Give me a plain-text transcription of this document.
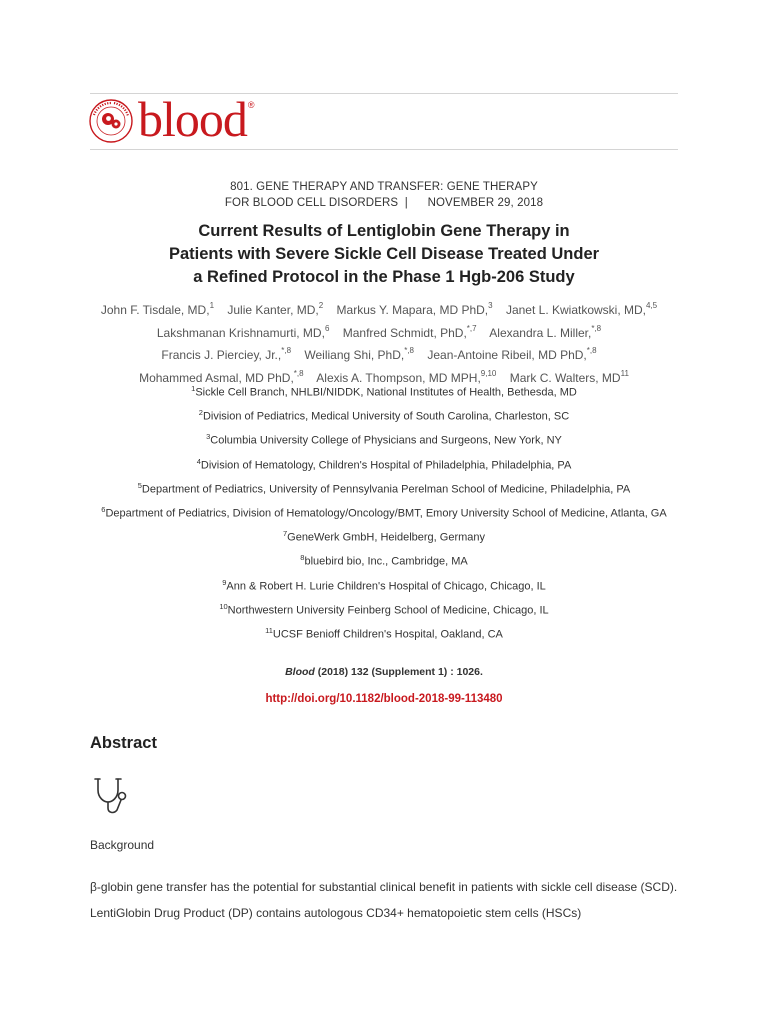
blood ®
801. GENE THERAPY AND TRANSFER: GENE THERAPY
FOR BLOOD CELL DISORDERS  |      NOVEMBER 29, 2018
Current Results of Lentiglobin Gene Therapy in
Patients with Severe Sickle Cell Disease Treated Under
a Refined Protocol in the Phase 1 Hgb-206 Study
John F. Tisdale, MD,$^1$ Julie Kanter, MD,$^2$ Markus Y. Mapara, MD PhD,$^3$ Janet L. Kwiatkowski, MD,$^{4,5}$    Lakshmanan Krishnamurti, MD,$^6$ Manfred Schmidt, PhD,$^{*,7}$ Alexandra L. Miller,$^{*,8}$    Francis J. Pierciey, Jr.,$^{*,8}$ Weiliang Shi, PhD,$^{*,8}$ Jean-Antoine Ribeil, MD PhD,$^{*,8}$    Mohammed Asmal, MD PhD,$^{*,8}$ Alexis A. Thompson, MD MPH,$^{9,10}$ Mark C. Walters, MD$^{11}$
$^1$Sickle Cell Branch, NHLBI/NIDDK, National Institutes of Health, Bethesda, MD
$^2$Division of Pediatrics, Medical University of South Carolina, Charleston, SC
$^3$Columbia University College of Physicians and Surgeons, New York, NY
$^4$Division of Hematology, Children's Hospital of Philadelphia, Philadelphia, PA
$^5$Department of Pediatrics, University of Pennsylvania Perelman School of Medicine, Philadelphia, PA
$^6$Department of Pediatrics, Division of Hematology/Oncology/BMT, Emory University School of Medicine, Atlanta, GA
$^7$GeneWerk GmbH, Heidelberg, Germany
$^8$bluebird bio, Inc., Cambridge, MA
$^9$Ann & Robert H. Lurie Children's Hospital of Chicago, Chicago, IL
$^{10}$Northwestern University Feinberg School of Medicine, Chicago, IL
$^{11}$UCSF Benioff Children's Hospital, Oakland, CA
Blood (2018) 132 (Supplement 1) : 1026.
http://doi.org/10.1182/blood-2018-99-113480
Abstract
Background

β-globin gene transfer has the potential for substantial clinical benefit in patients with sickle cell disease (SCD). LentiGlobin Drug Product (DP) contains autologous CD34+ hematopoietic stem cells (HSCs)
